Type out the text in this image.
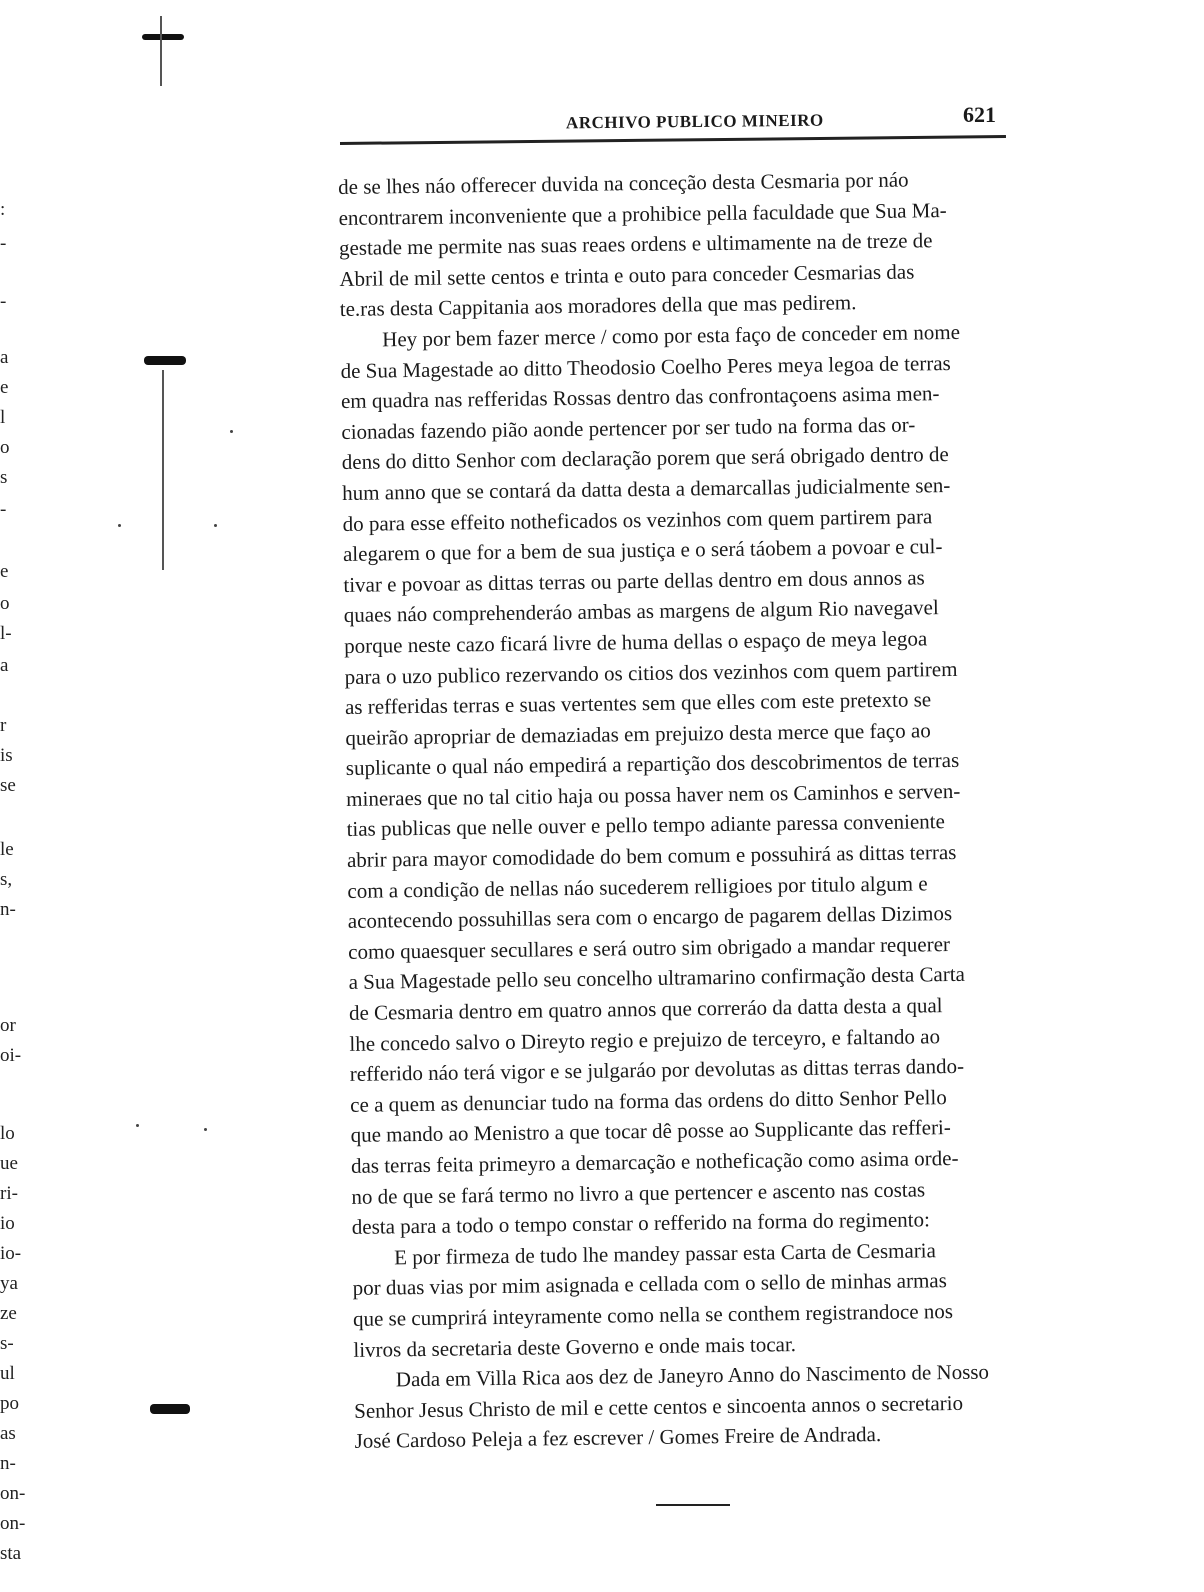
:
-
-
a
e
l
o
s
-
e
o
l-
a
r
is
se
le
s,
n-
or
oi-
lo
ue
ri-
io
io-
ya
ze
s-
ul
po
as
n-
on-
on-
sta
ARCHIVO PUBLICO MINEIRO	621

de se lhes náo offerecer duvida na conceção desta Cesmaria por náo
encontrarem inconveniente que a prohibice pella faculdade que Sua Ma-
gestade me permite nas suas reaes ordens e ultimamente na de treze de
Abril de mil sette centos e trinta e outo para conceder Cesmarias das
te.ras desta Cappitania aos moradores della que mas pedirem.

Hey por bem fazer merce / como por esta faço de conceder em nome
de Sua Magestade ao ditto Theodosio Coelho Peres meya legoa de terras
em quadra nas refferidas Rossas dentro das confrontaçoens asima men-
cionadas fazendo pião aonde pertencer por ser tudo na forma das or-
dens do ditto Senhor com declaração porem que será obrigado dentro de
hum anno que se contará da datta desta a demarcallas judicialmente sen-
do para esse effeito notheficados os vezinhos com quem partirem para
alegarem o que for a bem de sua justiça e o será táobem a povoar e cul-
tivar e povoar as dittas terras ou parte dellas dentro em dous annos as
quaes náo comprehenderáo ambas as margens de algum Rio navegavel
porque neste cazo ficará livre de huma dellas o espaço de meya legoa
para o uzo publico rezervando os citios dos vezinhos com quem partirem
as refferidas terras e suas vertentes sem que elles com este pretexto se
queirão apropriar de demaziadas em prejuizo desta merce que faço ao
suplicante o qual náo empedirá a repartição dos descobrimentos de terras
mineraes que no tal citio haja ou possa haver nem os Caminhos e serven-
tias publicas que nelle ouver e pello tempo adiante paressa conveniente
abrir para mayor comodidade do bem comum e possuhirá as dittas terras
com a condição de nellas náo sucederem relligioes por titulo algum e
acontecendo possuhillas sera com o encargo de pagarem dellas Dizimos
como quaesquer secullares e será outro sim obrigado a mandar requerer
a Sua Magestade pello seu concelho ultramarino confirmação desta Carta
de Cesmaria dentro em quatro annos que correráo da datta desta a qual
lhe concedo salvo o Direyto regio e prejuizo de terceyro, e faltando ao
refferido náo terá vigor e se julgaráo por devolutas as dittas terras dando-
ce a quem as denunciar tudo na forma das ordens do ditto Senhor Pello
que mando ao Menistro a que tocar dê posse ao Supplicante das refferi-
das terras feita primeyro a demarcação e notheficação como asima orde-
no de que se fará termo no livro a que pertencer e ascento nas costas
desta para a todo o tempo constar o refferido na forma do regimento:

E por firmeza de tudo lhe mandey passar esta Carta de Cesmaria
por duas vias por mim asignada e cellada com o sello de minhas armas
que se cumprirá inteyramente como nella se conthem registrandoce nos
livros da secretaria deste Governo e onde mais tocar.

Dada em Villa Rica aos dez de Janeyro Anno do Nascimento de Nosso
Senhor Jesus Christo de mil e cette centos e sincoenta annos o secretario
José Cardoso Peleja a fez escrever / Gomes Freire de Andrada.
